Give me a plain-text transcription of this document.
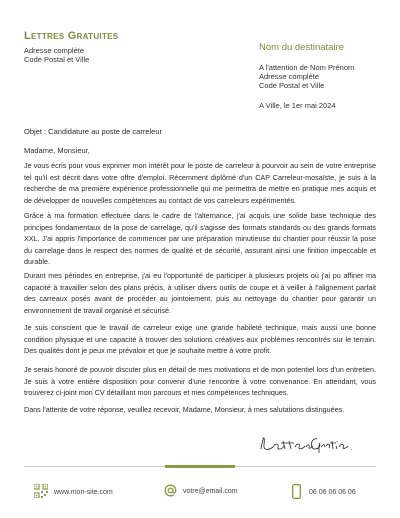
Lettres Gratuites
Adresse complète
Code Postal et Ville
Nom du destinataire
A l'attention de Nom Prénom
Adresse complète
Code Postal et Ville
A Ville, le 1er mai 2024
Objet : Candidature au poste de carreleur
Madame, Monsieur,
Je vous écris pour vous exprimer mon intérêt pour le poste de carreleur à pourvoir au sein de votre entreprise tel qu'il est décrit dans votre offre d'emploi. Récemment diplômé d'un CAP Carreleur-mosaïste, je suis à la recherche de ma première expérience professionnelle qui me permettra de mettre en pratique mes acquis et de développer de nouvelles compétences au contact de vos carreleurs expérimentés.
Grâce à ma formation effectuée dans le cadre de l'alternance, j'ai acquis une solide base technique des principes fondamentaux de la pose de carrelage, qu'il s'agisse des formats standards ou des grands formats XXL. J'ai appris l'importance de commencer par une préparation minutieuse du chantier pour réussir la pose du carrelage dans le respect des normes de qualité et de sécurité, assurant ainsi une finition impeccable et durable.
Durant mes périodes en entreprise, j'ai eu l'opportunité de participer à plusieurs projets où j'ai pu affiner ma capacité à travailler selon des plans précis, à utiliser divers outils de coupe et à veiller à l'alignement parfait des carreaux posés avant de procéder au jointoiement, puis au nettoyage du chantier pour garantir un environnement de travail organisé et sécurisé.
Je suis conscient que le travail de carreleur exige une grande habileté technique, mais aussi une bonne condition physique et une capacité à trouver des solutions créatives aux problèmes rencontrés sur le terrain. Des qualités dont je peux me prévaloir et que je souhaite mettre à votre profit.
Je serais honoré de pouvoir discuter plus en détail de mes motivations et de mon potentiel lors d'un entretien. Je suis à votre entière disposition pour convenir d'une rencontre à votre convenance. En attendant, vous trouverez ci-joint mon CV détaillant mon parcours et mes compétences techniques.
Dans l'attente de votre réponse, veuillez recevoir, Madame, Monsieur, à mes salutations distinguées.
www.mon-site.com	votre@email.com	06 06 06 06 06
